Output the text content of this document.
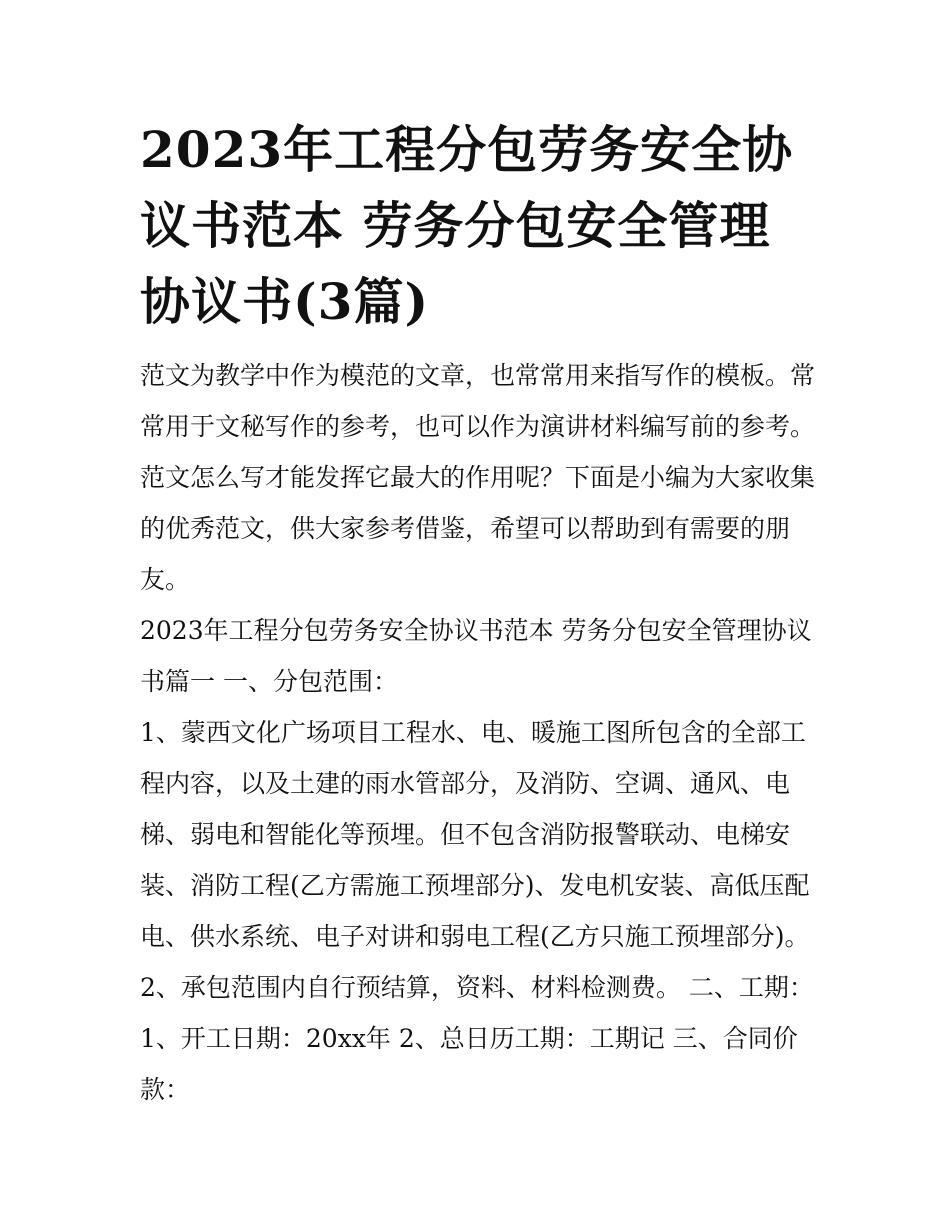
2023年工程分包劳务安全协议书范本 劳务分包安全管理协议书(3篇)

范文为教学中作为模范的文章，也常常用来指写作的模板。常常用于文秘写作的参考，也可以作为演讲材料编写前的参考。范文怎么写才能发挥它最大的作用呢？下面是小编为大家收集的优秀范文，供大家参考借鉴，希望可以帮助到有需要的朋友。

2023年工程分包劳务安全协议书范本 劳务分包安全管理协议书篇一 一、分包范围：

1、蒙西文化广场项目工程水、电、暖施工图所包含的全部工程内容，以及土建的雨水管部分，及消防、空调、通风、电梯、弱电和智能化等预埋。但不包含消防报警联动、电梯安装、消防工程(乙方需施工预埋部分)、发电机安装、高低压配电、供水系统、电子对讲和弱电工程(乙方只施工预埋部分)。

2、承包范围内自行预结算，资料、材料检测费。 二、工期：

1、开工日期：20xx年 2、总日历工期：工期记 三、合同价款：
